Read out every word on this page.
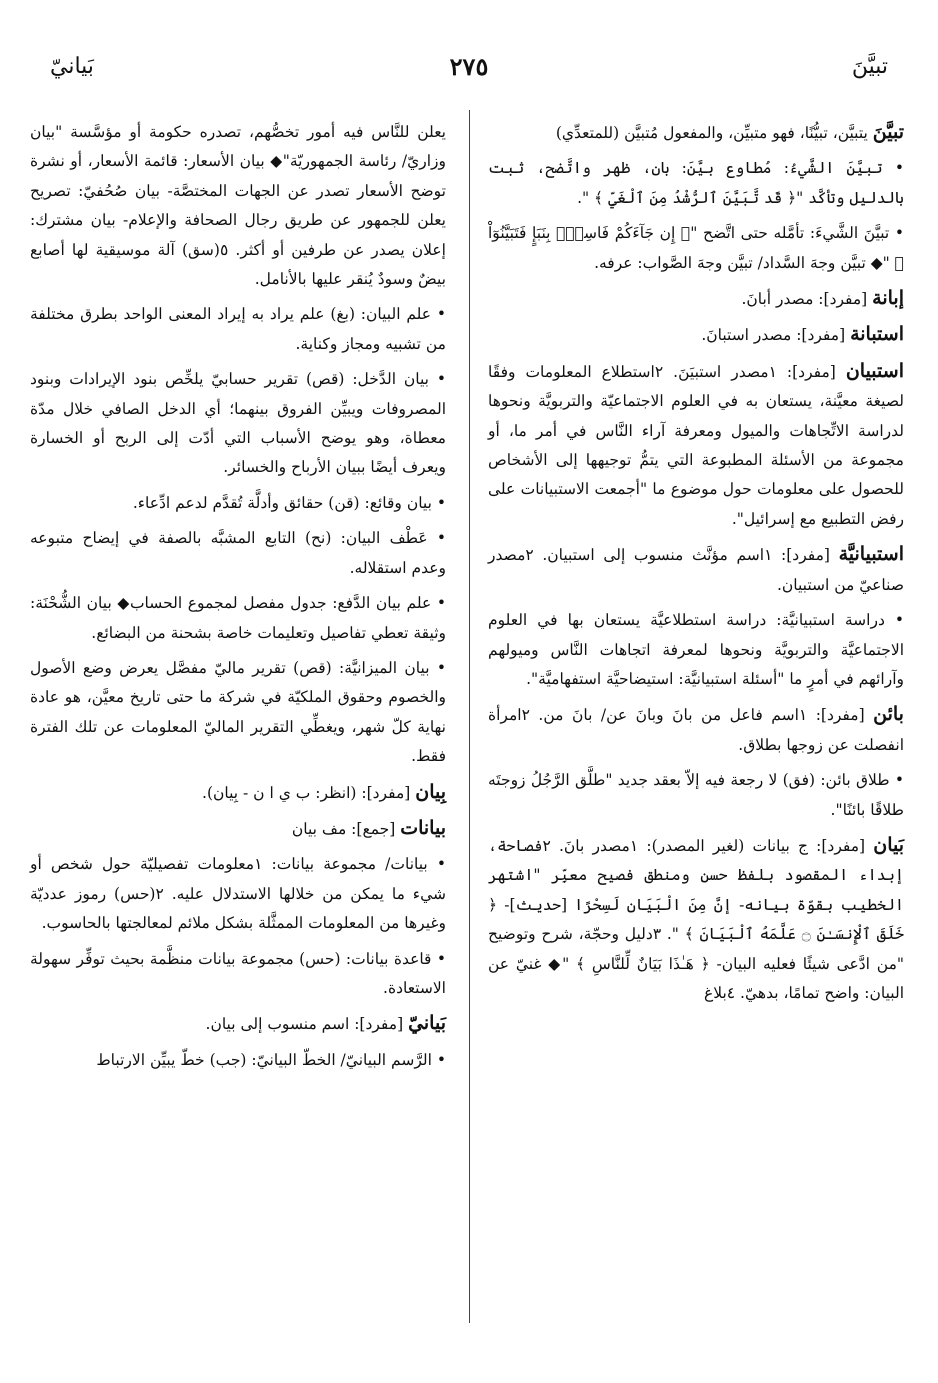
تبيَّنَ
٢٧٥
بَيانيّ

تبيَّنَ يتبيَّن، تبيُّنًا، فهو متبيِّن، والمفعول مُتبيَّن (للمتعدِّي)

• تبيَّنَ الشَّيءُ: مُطاوع بيَّنَ: بان، ظهر واتَّضح، ثبت بالدليل وتأكَّد "﴿ قَد تَّبَيَّنَ ٱلرُّشْدُ مِنَ ٱلْغَيِّ ﴾ ".

• تبيَّنَ الشَّيءَ: تأمَّله حتى اتَّضح "﴿ إِن جَآءَكُمْ فَاسِقٌۢ بِنَبَإٍ فَتَبَيَّنُوٓاْ ﴾ "◆ تبيَّن وجهَ السَّداد/ تبيَّن وجهَ الصَّواب: عرفه.

إبانة [مفرد]: مصدر أبانَ.

استبانة [مفرد]: مصدر استبانَ.

استبيان [مفرد]: ١مصدر استبيَنَ. ٢استطلاع المعلومات وفقًا لصيغة معيَّنة، يستعان به في العلوم الاجتماعيّة والتربويَّة ونحوها لدراسة الاتِّجاهات والميول ومعرفة آراء النَّاس في أمر ما، أو مجموعة من الأسئلة المطبوعة التي يتمُّ توجيهها إلى الأشخاص للحصول على معلومات حول موضوع ما "أجمعت الاستبيانات على رفض التطبيع مع إسرائيل".

استبيانيَّة [مفرد]: ١اسم مؤنَّث منسوب إلى استبيان. ٢مصدر صناعيّ من استبيان.

• دراسة استبيانيَّة: دراسة استطلاعيَّة يستعان بها في العلوم الاجتماعيَّة والتربويَّة ونحوها لمعرفة اتجاهات النَّاس وميولهم وآرائهم في أمرٍ ما "أسئلة استبيانيَّة: استيضاحيَّة استفهاميَّة".

بائن [مفرد]: ١اسم فاعل من بانَ وبانَ عن/ بانَ من. ٢امرأة انفصلت عن زوجها بطلاق.

• طلاق بائن: (فق) لا رجعة فيه إلاّ بعقد جديد "طلَّق الرَّجُلُ زوجتَه طلاقًا بائنًا".

بَيان [مفرد]: ج بيانات (لغير المصدر): ١مصدر بانَ. ٢فصاحة، إبداء المقصود بلفظ حسن ومنطق فصيح معبِّر "اشتهر الخطيب بقوّة بيانه- إنَّ مِنَ الْبَيَانِ لَسِحْرًا [حديث]- ﴿ خَلَقَ ٱلْإِنسَـٰنَ ۝ عَلَّمَهُ ٱلْبَيَانَ ﴾ ". ٣دليل وحجّة، شرح وتوضيح "من ادَّعى شيئًا فعليه البيان- ﴿ هَـٰذَا بَيَانٌ لِّلنَّاسِ ﴾ "◆ غنيّ عن البيان: واضح تمامًا، بدهيّ. ٤بلاغ

يعلن للنَّاس فيه أمور تخصُّهم، تصدره حكومة أو مؤسَّسة "بيان وزاريّ/ رئاسة الجمهوريّة"◆ بيان الأسعار: قائمة الأسعار، أو نشرة توضح الأسعار تصدر عن الجهات المختصَّة- بيان صُحُفيّ: تصريح يعلن للجمهور عن طريق رجال الصحافة والإعلام- بيان مشترك: إعلان يصدر عن طرفين أو أكثر. ٥(سق) آلة موسيقية لها أصابع بيضٌ وسودٌ يُنقر عليها بالأنامل.

• علم البيان: (بغ) علم يراد به إيراد المعنى الواحد بطرق مختلفة من تشبيه ومجاز وكناية.

• بيان الدَّخل: (قص) تقرير حسابيّ يلخِّص بنود الإيرادات وبنود المصروفات ويبيِّن الفروق بينهما؛ أي الدخل الصافي خلال مدّة معطاة، وهو يوضح الأسباب التي أدّت إلى الربح أو الخسارة ويعرف أيضًا ببيان الأرباح والخسائر.

• بيان وقائع: (قن) حقائق وأدلَّة تُقدَّم لدعم ادِّعاء.

• عَطْف البيان: (نح) التابع المشبَّه بالصفة في إيضاح متبوعه وعدم استقلاله.

• علم بيان الدَّفع: جدول مفصل لمجموع الحساب◆ بيان الشُّحْنَة: وثيقة تعطي تفاصيل وتعليمات خاصة بشحنة من البضائع.

• بيان الميزانيَّة: (قص) تقرير ماليّ مفصَّل يعرض وضع الأصول والخصوم وحقوق الملكيّة في شركة ما حتى تاريخ معيَّن، هو عادة نهاية كلّ شهر، ويغطِّي التقرير الماليّ المعلومات عن تلك الفترة فقط.

بِيان [مفرد]: (انظر: ب ي ا ن - بِيان).

بيانات [جمع]: مف بيان

• بيانات/ مجموعة بيانات: ١معلومات تفصيليّة حول شخص أو شيء ما يمكن من خلالها الاستدلال عليه. ٢(حس) رموز عدديّة وغيرها من المعلومات الممثَّلة بشكل ملائم لمعالجتها بالحاسوب.

• قاعدة بيانات: (حس) مجموعة بيانات منظَّمة بحيث توفِّر سهولة الاستعادة.

بَيانيّ [مفرد]: اسم منسوب إلى بيان.

• الرَّسم البيانيّ/ الخطّ البيانيّ: (جب) خطّ يبيِّن الارتباط
